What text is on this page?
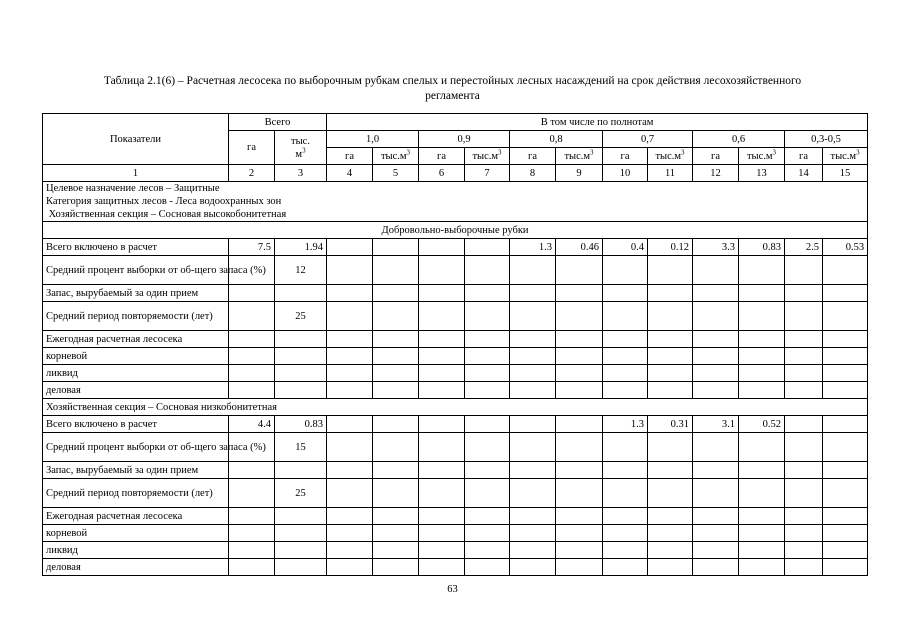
Таблица 2.1(6) – Расчетная лесосека по выборочным рубкам спелых и перестойных лесных насаждений на срок действия лесохозяйственного
регламента
Показатели	Всего		В том числе по полнотам											
	га	тыс.
$м^3$	1,0		0,9		0,8		0,7		0,6		0,3-0,5	
			га	$тыс.м^3$	га	$тыс.м^3$	га	$тыс.м^3$	га	$тыс.м^3$	га	$тыс.м^3$	га	$тыс.м^3$
1	2	3	4	5	6	7	8	9	10	11	12	13	14	15

Целевое назначение лесов – Защитные
Категория защитных лесов - Леса водоохранных зон
Хозяйственная секция – Сосновая высокобонитетная														

Добровольно-выборочные рубки														
Всего включено в расчет	7.5	1.94					1.3	0.46	0.4	0.12	3.3	0.83	2.5	0.53
Средний процент выборки от об-щего запаса (%)		12												
Запас, вырубаемый за один прием														
Средний период повторяемости (лет)		25												
Ежегодная расчетная лесосека														
корневой														
ликвид														
деловая														
Хозяйственная секция – Сосновая низкобонитетная														
Всего включено в расчет	4.4	0.83							1.3	0.31	3.1	0.52		
Средний процент выборки от об-щего запаса (%)		15												
Запас, вырубаемый за один прием														
Средний период повторяемости (лет)		25												
Ежегодная расчетная лесосека														
корневой														
ликвид														
деловая														
63
